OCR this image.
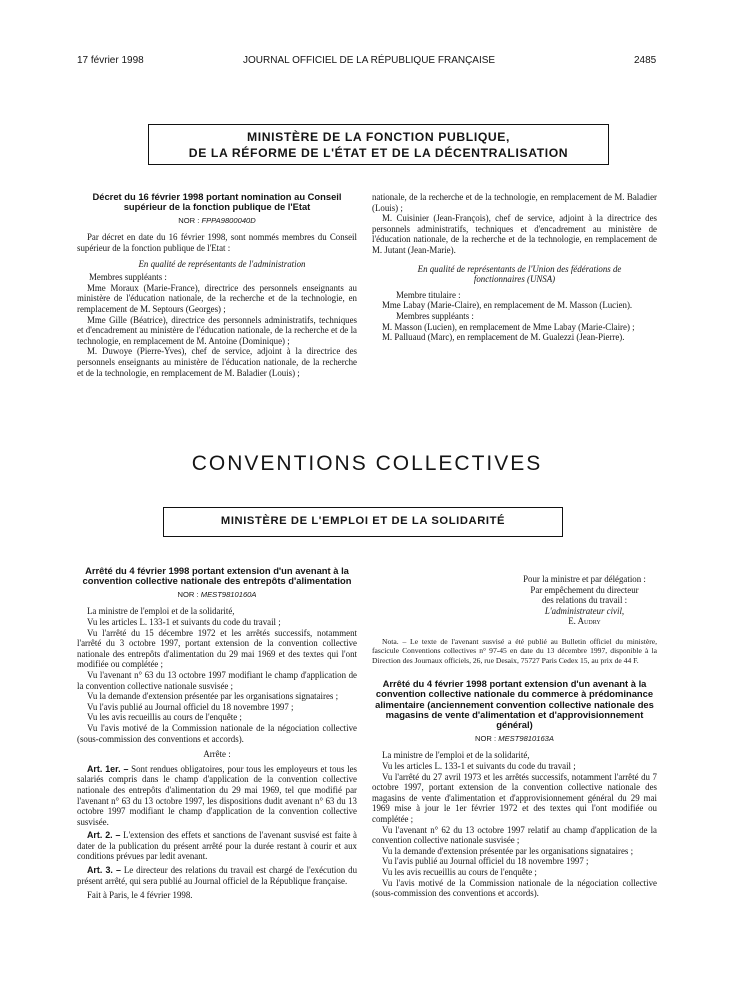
17 février 1998	JOURNAL OFFICIEL DE LA RÉPUBLIQUE FRANÇAISE	2485
MINISTÈRE DE LA FONCTION PUBLIQUE,
DE LA RÉFORME DE L'ÉTAT ET DE LA DÉCENTRALISATION

Décret du 16 février 1998 portant nomination au Conseil supérieur de la fonction publique de l'Etat

NOR : FPPA9800040D

Par décret en date du 16 février 1998, sont nommés membres du Conseil supérieur de la fonction publique de l'Etat :

En qualité de représentants de l'administration

Membres suppléants :

Mme Moraux (Marie-France), directrice des personnels enseignants au ministère de l'éducation nationale, de la recherche et de la technologie, en remplacement de M. Septours (Georges) ;

Mme Gille (Béatrice), directrice des personnels administratifs, techniques et d'encadrement au ministère de l'éducation nationale, de la recherche et de la technologie, en remplacement de M. Antoine (Dominique) ;

M. Duwoye (Pierre-Yves), chef de service, adjoint à la directrice des personnels enseignants au ministère de l'éducation nationale, de la recherche et de la technologie, en remplacement de M. Baladier (Louis) ;

nationale, de la recherche et de la technologie, en remplacement de M. Baladier (Louis) ;

M. Cuisinier (Jean-François), chef de service, adjoint à la directrice des personnels administratifs, techniques et d'encadrement au ministère de l'éducation nationale, de la recherche et de la technologie, en remplacement de M. Jutant (Jean-Marie).

En qualité de représentants de l'Union des fédérations de fonctionnaires (UNSA)

Membre titulaire :

Mme Labay (Marie-Claire), en remplacement de M. Masson (Lucien).

Membres suppléants :

M. Masson (Lucien), en remplacement de Mme Labay (Marie-Claire) ;

M. Palluaud (Marc), en remplacement de M. Gualezzi (Jean-Pierre).

CONVENTIONS COLLECTIVES
MINISTÈRE DE L'EMPLOI ET DE LA SOLIDARITÉ

Arrêté du 4 février 1998 portant extension d'un avenant à la convention collective nationale des entrepôts d'alimentation

NOR : MEST9810160A

La ministre de l'emploi et de la solidarité,

Vu les articles L. 133-1 et suivants du code du travail ;

Vu l'arrêté du 15 décembre 1972 et les arrêtés successifs, notamment l'arrêté du 3 octobre 1997, portant extension de la convention collective nationale des entrepôts d'alimentation du 29 mai 1969 et des textes qui l'ont modifiée ou complétée ;

Vu l'avenant n° 63 du 13 octobre 1997 modifiant le champ d'application de la convention collective nationale susvisée ;

Vu la demande d'extension présentée par les organisations signataires ;

Vu l'avis publié au Journal officiel du 18 novembre 1997 ;

Vu les avis recueillis au cours de l'enquête ;

Vu l'avis motivé de la Commission nationale de la négociation collective (sous-commission des conventions et accords).

Arrête :

Art. 1er. – Sont rendues obligatoires, pour tous les employeurs et tous les salariés compris dans le champ d'application de la convention collective nationale des entrepôts d'alimentation du 29 mai 1969, tel que modifié par l'avenant n° 63 du 13 octobre 1997, les dispositions dudit avenant n° 63 du 13 octobre 1997 modifiant le champ d'application de la convention collective susvisée.

Art. 2. – L'extension des effets et sanctions de l'avenant susvisé est faite à dater de la publication du présent arrêté pour la durée restant à courir et aux conditions prévues par ledit avenant.

Art. 3. – Le directeur des relations du travail est chargé de l'exécution du présent arrêté, qui sera publié au Journal officiel de la République française.

Fait à Paris, le 4 février 1998.

Pour la ministre et par délégation :
Par empêchement du directeur
des relations du travail :
L'administrateur civil,
E. Audry

Nota. – Le texte de l'avenant susvisé a été publié au Bulletin officiel du ministère, fascicule Conventions collectives n° 97-45 en date du 13 décembre 1997, disponible à la Direction des Journaux officiels, 26, rue Desaix, 75727 Paris Cedex 15, au prix de 44 F.

Arrêté du 4 février 1998 portant extension d'un avenant à la convention collective nationale du commerce à prédominance alimentaire (anciennement convention collective nationale des magasins de vente d'alimentation et d'approvisionnement général)

NOR : MEST9810163A

La ministre de l'emploi et de la solidarité,

Vu les articles L. 133-1 et suivants du code du travail ;

Vu l'arrêté du 27 avril 1973 et les arrêtés successifs, notamment l'arrêté du 7 octobre 1997, portant extension de la convention collective nationale des magasins de vente d'alimentation et d'approvisionnement général du 29 mai 1969 mise à jour le 1er février 1972 et des textes qui l'ont modifiée ou complétée ;

Vu l'avenant n° 62 du 13 octobre 1997 relatif au champ d'application de la convention collective nationale susvisée ;

Vu la demande d'extension présentée par les organisations signataires ;

Vu l'avis publié au Journal officiel du 18 novembre 1997 ;

Vu les avis recueillis au cours de l'enquête ;

Vu l'avis motivé de la Commission nationale de la négociation collective (sous-commission des conventions et accords).
